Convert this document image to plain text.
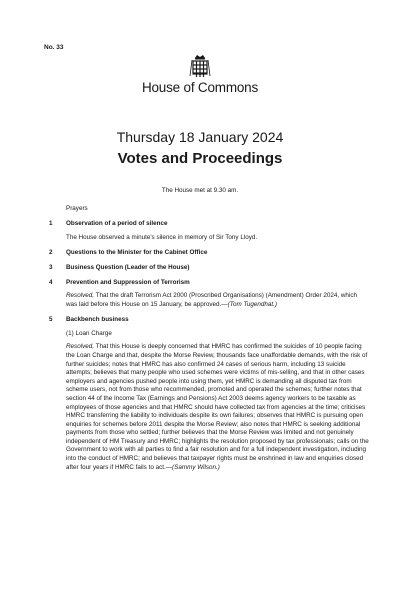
No. 33
House of Commons
Thursday 18 January 2024
Votes and Proceedings
The House met at 9.30 am.
Prayers
1	Observation of a period of silence
The House observed a minute's silence in memory of Sir Tony Lloyd.
2	Questions to the Minister for the Cabinet Office
3	Business Question (Leader of the House)
4	Prevention and Suppression of Terrorism
Resolved, That the draft Terrorism Act 2000 (Proscribed Organisations) (Amendment) Order 2024, which was laid before this House on 15 January, be approved.—(Tom Tugendhat.)
5	Backbench business
(1) Loan Charge
Resolved, That this House is deeply concerned that HMRC has confirmed the suicides of 10 people facing the Loan Charge and that, despite the Morse Review, thousands face unaffordable demands, with the risk of further suicides; notes that HMRC has also confirmed 24 cases of serious harm, including 13 suicide attempts; believes that many people who used schemes were victims of mis-selling, and that in other cases employers and agencies pushed people into using them, yet HMRC is demanding all disputed tax from scheme users, not from those who recommended, promoted and operated the schemes; further notes that section 44 of the Income Tax (Earnings and Pensions) Act 2003 deems agency workers to be taxable as employees of those agencies and that HMRC should have collected tax from agencies at the time; criticises HMRC transferring the liability to individuals despite its own failures; observes that HMRC is pursuing open enquiries for schemes before 2011 despite the Morse Review; also notes that HMRC is seeking additional payments from those who settled; further believes that the Morse Review was limited and not genuinely independent of HM Treasury and HMRC; highlights the resolution proposed by tax professionals; calls on the Government to work with all parties to find a fair resolution and for a full independent investigation, including into the conduct of HMRC; and believes that taxpayer rights must be enshrined in law and enquiries closed after four years if HMRC fails to act.—(Sammy Wilson.)
